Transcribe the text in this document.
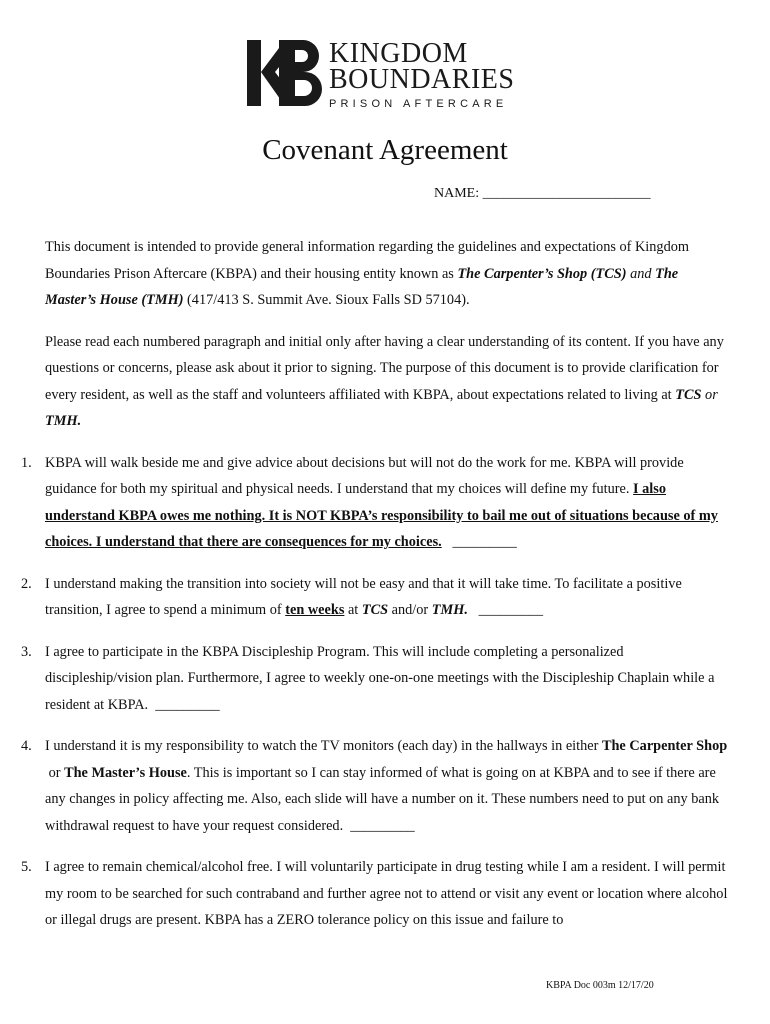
KINGDOM
BOUNDARIES
PRISON AFTERCARE
Covenant Agreement
NAME: ________________________

This document is intended to provide general information regarding the guidelines and expectations of Kingdom Boundaries Prison Aftercare (KBPA) and their housing entity known as The Carpenter’s Shop (TCS) and The Master’s House (TMH) (417/413 S. Summit Ave. Sioux Falls SD 57104).

Please read each numbered paragraph and initial only after having a clear understanding of its content. If you have any questions or concerns, please ask about it prior to signing. The purpose of this document is to provide clarification for every resident, as well as the staff and volunteers affiliated with KBPA, about expectations related to living at TCS or TMH.

1. KBPA will walk beside me and give advice about decisions but will not do the work for me. KBPA will provide guidance for both my spiritual and physical needs. I understand that my choices will define my future. I also understand KBPA owes me nothing. It is NOT KBPA’s responsibility to bail me out of situations because of my choices. I understand that there are consequences for my choices.   _________
2. I understand making the transition into society will not be easy and that it will take time. To facilitate a positive transition, I agree to spend a minimum of ten weeks at TCS and/or TMH.   _________
3. I agree to participate in the KBPA Discipleship Program. This will include completing a personalized discipleship/vision plan. Furthermore, I agree to weekly one-on-one meetings with the Discipleship Chaplain while a resident at KBPA.  _________
4. I understand it is my responsibility to watch the TV monitors (each day) in the hallways in either The Carpenter Shop or The Master’s House. This is important so I can stay informed of what is going on at KBPA and to see if there are any changes in policy affecting me. Also, each slide will have a number on it. These numbers need to put on any bank withdrawal request to have your request considered.  _________
5. I agree to remain chemical/alcohol free. I will voluntarily participate in drug testing while I am a resident. I will permit my room to be searched for such contraband and further agree not to attend or visit any event or location where alcohol or illegal drugs are present. KBPA has a ZERO tolerance policy on this issue and failure to
KBPA Doc 003m 12/17/20
